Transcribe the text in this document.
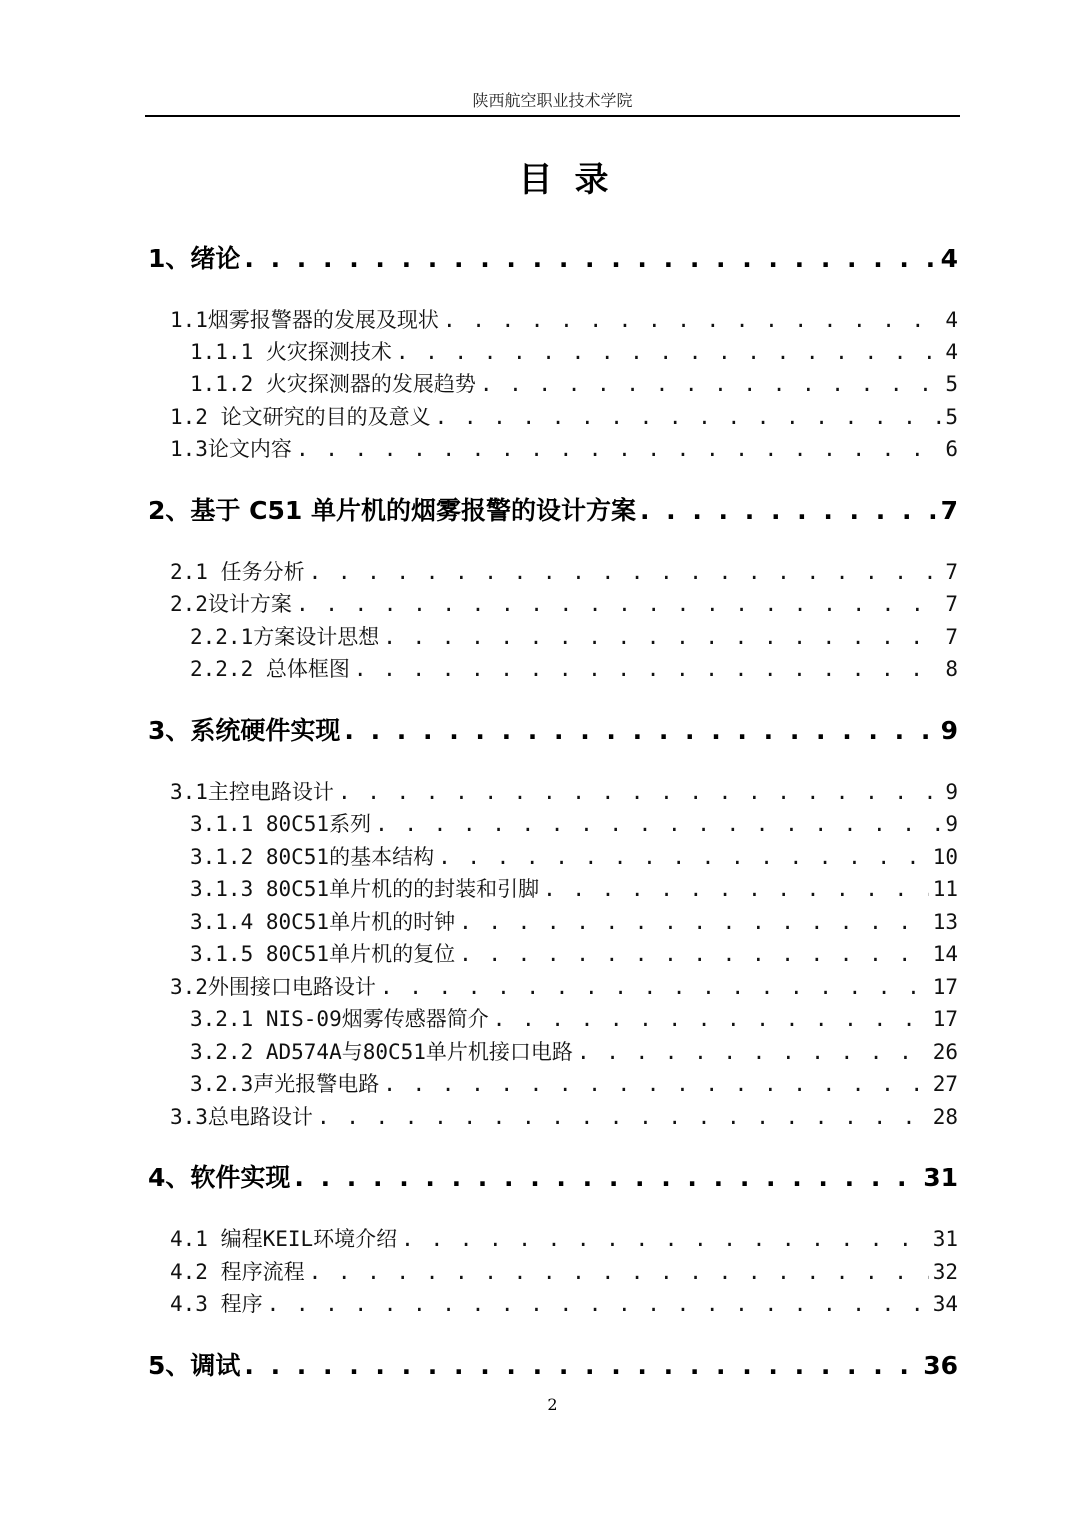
陕西航空职业技术学院
目录
1、绪论 . . .	4
1.1烟雾报警器的发展及现状 . . .	4
1.1.1 火灾探测技术 . . .	4
1.1.2 火灾探测器的发展趋势 . . .	5
1.2 论文研究的目的及意义 . . .	5
1.3论文内容 . . .	6
2、基于 C51 单片机的烟雾报警的设计方案 . . .	7
2.1 任务分析 . . .	7
2.2设计方案 . . .	7
2.2.1方案设计思想 . . .	7
2.2.2 总体框图 . . .	8
3、系统硬件实现 . . .	9
3.1主控电路设计 . . .	9
3.1.1 80C51系列 . . .	9
3.1.2 80C51的基本结构 . . .	10
3.1.3 80C51单片机的的封装和引脚 . . .	11
3.1.4 80C51单片机的时钟 . . .	13
3.1.5 80C51单片机的复位 . . .	14
3.2外围接口电路设计 . . .	17
3.2.1 NIS-09烟雾传感器简介 . . .	17
3.2.2 AD574A与80C51单片机接口电路 . . .	26
3.2.3声光报警电路 . . .	27
3.3总电路设计 . . .	28
4、软件实现 . . .	31
4.1 编程KEIL环境介绍 . . .	31
4.2 程序流程 . . .	32
4.3 程序 . . .	34
5、调试 . . .	36
2
